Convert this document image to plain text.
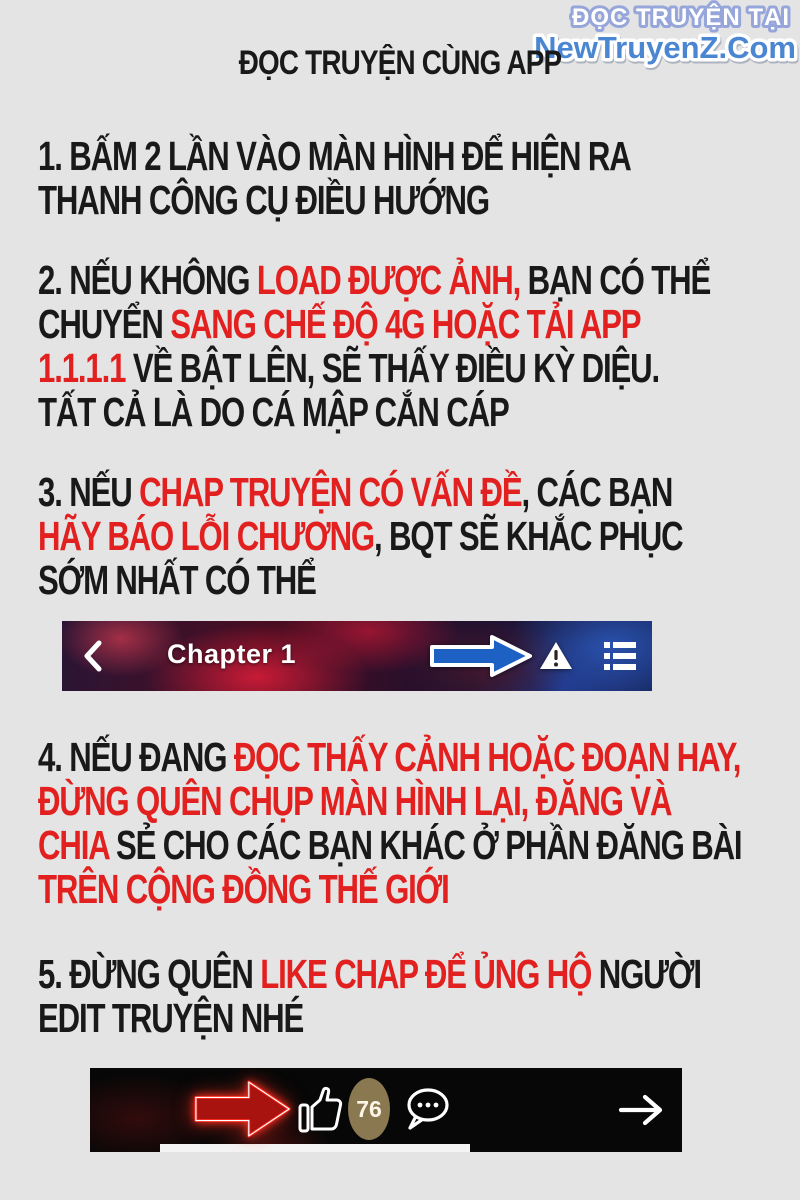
ĐỌC TRUYỆN TẠI
NewTruyenZ.Com
ĐỌC TRUYỆN CÙNG APP
1. BẤM 2 LẦN VÀO MÀN HÌNH ĐỂ HIỆN RA
THANH CÔNG CỤ ĐIỀU HƯỚNG
2. NẾU KHÔNG LOAD ĐƯỢC ẢNH, BẠN CÓ THỂ
CHUYỂN SANG CHẾ ĐỘ 4G HOẶC TẢI APP
1.1.1.1 VỀ BẬT LÊN, SẼ THẤY ĐIỀU KỲ DIỆU.
TẤT CẢ LÀ DO CÁ MẬP CẮN CÁP
3. NẾU CHAP TRUYỆN CÓ VẤN ĐỀ, CÁC BẠN
HÃY BÁO LỖI CHƯƠNG, BQT SẼ KHẮC PHỤC
SỚM NHẤT CÓ THỂ
4. NẾU ĐANG ĐỌC THẤY CẢNH HOẶC ĐOẠN HAY,
ĐỪNG QUÊN CHỤP MÀN HÌNH LẠI, ĐĂNG VÀ
CHIA SẺ CHO CÁC BẠN KHÁC Ở PHẦN ĐĂNG BÀI
TRÊN CỘNG ĐỒNG THẾ GIỚI
5. ĐỪNG QUÊN LIKE CHAP ĐỂ ỦNG HỘ NGƯỜI
EDIT TRUYỆN NHÉ
Chapter 1
76
